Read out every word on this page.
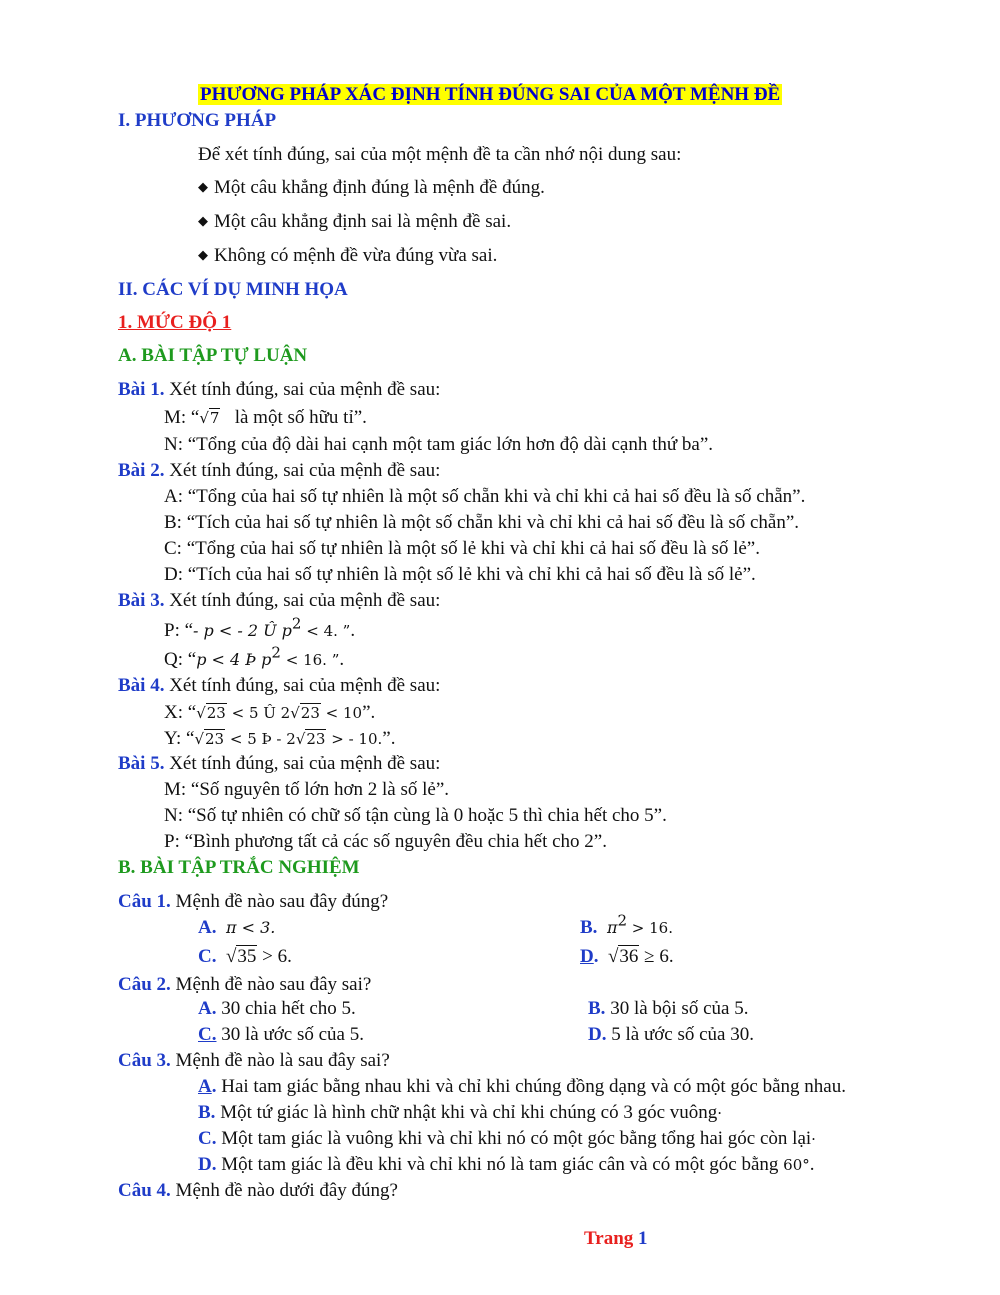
PHƯƠNG PHÁP XÁC ĐỊNH TÍNH ĐÚNG SAI CỦA MỘT MỆNH ĐỀ
I. PHƯƠNG PHÁP
Để xét tính đúng, sai của một mệnh đề ta cần nhớ nội dung sau:
◆ Một câu khẳng định đúng là mệnh đề đúng.
◆ Một câu khẳng định sai là mệnh đề sai.
◆ Không có mệnh đề vừa đúng vừa sai.
II. CÁC VÍ DỤ MINH HỌA
1. MỨC ĐỘ 1
A. BÀI TẬP TỰ LUẬN
Bài 1. Xét tính đúng, sai của mệnh đề sau:
M: “√7 là một số hữu tỉ”.
N: “Tổng của độ dài hai cạnh một tam giác lớn hơn độ dài cạnh thứ ba”.
Bài 2. Xét tính đúng, sai của mệnh đề sau:
A: “Tổng của hai số tự nhiên là một số chẵn khi và chỉ khi cả hai số đều là số chẵn”.
B: “Tích của hai số tự nhiên là một số chẵn khi và chỉ khi cả hai số đều là số chẵn”.
C: “Tổng của hai số tự nhiên là một số lẻ khi và chỉ khi cả hai số đều là số lẻ”.
D: “Tích của hai số tự nhiên là một số lẻ khi và chỉ khi cả hai số đều là số lẻ”.
Bài 3. Xét tính đúng, sai của mệnh đề sau:
P: “- p < - 2 Û $p^2 < 4$. ”.
Q: “p < 4 Þ $p^2 < 16$. ”.
Bài 4. Xét tính đúng, sai của mệnh đề sau:
X: “√23 < 5 Û 2√23 < 10”.
Y: “√23 < 5 Þ - 2√23 > - 10.”.
Bài 5. Xét tính đúng, sai của mệnh đề sau:
M: “Số nguyên tố lớn hơn 2 là số lẻ”.
N: “Số tự nhiên có chữ số tận cùng là 0 hoặc 5 thì chia hết cho 5”.
P: “Bình phương tất cả các số nguyên đều chia hết cho 2”.
B. BÀI TẬP TRẮC NGHIỆM
Câu 1. Mệnh đề nào sau đây đúng?
A. π < 3.	B. $\pi^2 > 16$.
C. √35 > 6.	D. √36 ≥ 6.
Câu 2. Mệnh đề nào sau đây sai?
A. 30 chia hết cho 5.	B. 30 là bội số của 5.
C. 30 là ước số của 5.	D. 5 là ước số của 30.
Câu 3. Mệnh đề nào là sau đây sai?
A. Hai tam giác bằng nhau khi và chỉ khi chúng đồng dạng và có một góc bằng nhau.
B. Một tứ giác là hình chữ nhật khi và chỉ khi chúng có 3 góc vuông·
C. Một tam giác là vuông khi và chỉ khi nó có một góc bằng tổng hai góc còn lại·
D. Một tam giác là đều khi và chỉ khi nó là tam giác cân và có một góc bằng 60°.
Câu 4. Mệnh đề nào dưới đây đúng?
Trang 1
